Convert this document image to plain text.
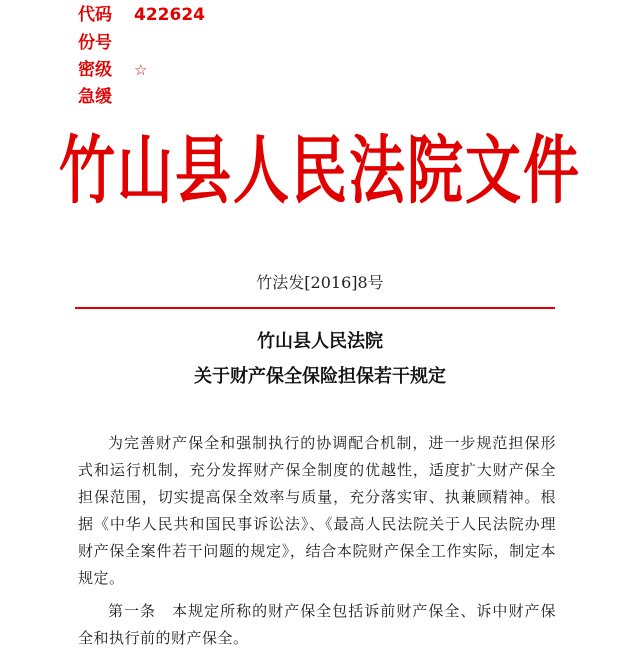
代码 422624
份号
密级 ☆
急缓
竹山县人民法院文件
竹法发[2016]8号
竹山县人民法院
关于财产保全保险担保若干规定

为完善财产保全和强制执行的协调配合机制，进一步规范担保形式和运行机制，充分发挥财产保全制度的优越性，适度扩大财产保全担保范围，切实提高保全效率与质量，充分落实审、执兼顾精神。根据《中华人民共和国民事诉讼法》、《最高人民法院关于人民法院办理财产保全案件若干问题的规定》，结合本院财产保全工作实际，制定本规定。

第一条　本规定所称的财产保全包括诉前财产保全、诉中财产保全和执行前的财产保全。
